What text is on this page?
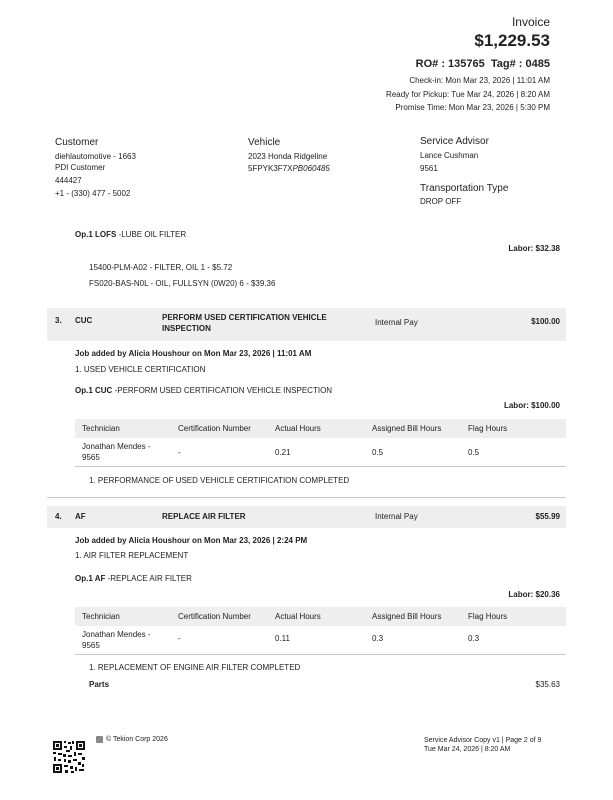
Invoice
$1,229.53
RO# : 135765 Tag# : 0485
Check-in: Mon Mar 23, 2026 | 11:01 AM
Ready for Pickup: Tue Mar 24, 2026 | 8:20 AM
Promise Time: Mon Mar 23, 2026 | 5:30 PM
Customer
diehlautomotive - 1663
PDI Customer
444427
+1 - (330) 477 - 5002
Vehicle
2023 Honda Ridgeline
5FPYK3F7XPB060485
Service Advisor
Lance Cushman
9561
Transportation Type
DROP OFF
Op.1 LOFS -LUBE OIL FILTER
Labor: $32.38
15400-PLM-A02 - FILTER, OIL 1 - $5.72
FS020-BAS-N0L - OIL, FULLSYN (0W20) 6 - $39.36
3. CUC	PERFORM USED CERTIFICATION VEHICLE
INSPECTION
Internal Pay	$100.00
Job added by Alicia Houshour on Mon Mar 23, 2026 | 11:01 AM
1. USED VEHICLE CERTIFICATION
Op.1 CUC -PERFORM USED CERTIFICATION VEHICLE INSPECTION
Labor: $100.00
Technician	Certification Number	Actual Hours	Assigned Bill Hours	Flag Hours
Jonathan Mendes -
9565
-	0.21	0.5	0.5
1. PERFORMANCE OF USED VEHICLE CERTIFICATION COMPLETED
4. AF	REPLACE AIR FILTER	Internal Pay	$55.99
Job added by Alicia Houshour on Mon Mar 23, 2026 | 2:24 PM
1. AIR FILTER REPLACEMENT
Op.1 AF -REPLACE AIR FILTER
Labor: $20.36
Technician	Certification Number	Actual Hours	Assigned Bill Hours	Flag Hours
Jonathan Mendes -
9565
-	0.11	0.3	0.3
1. REPLACEMENT OF ENGINE AIR FILTER COMPLETED
Parts	$35.63
© Tekion Corp 2026	Service Advisor Copy v1 | Page 2 of 9
Tue Mar 24, 2026 | 8:20 AM
